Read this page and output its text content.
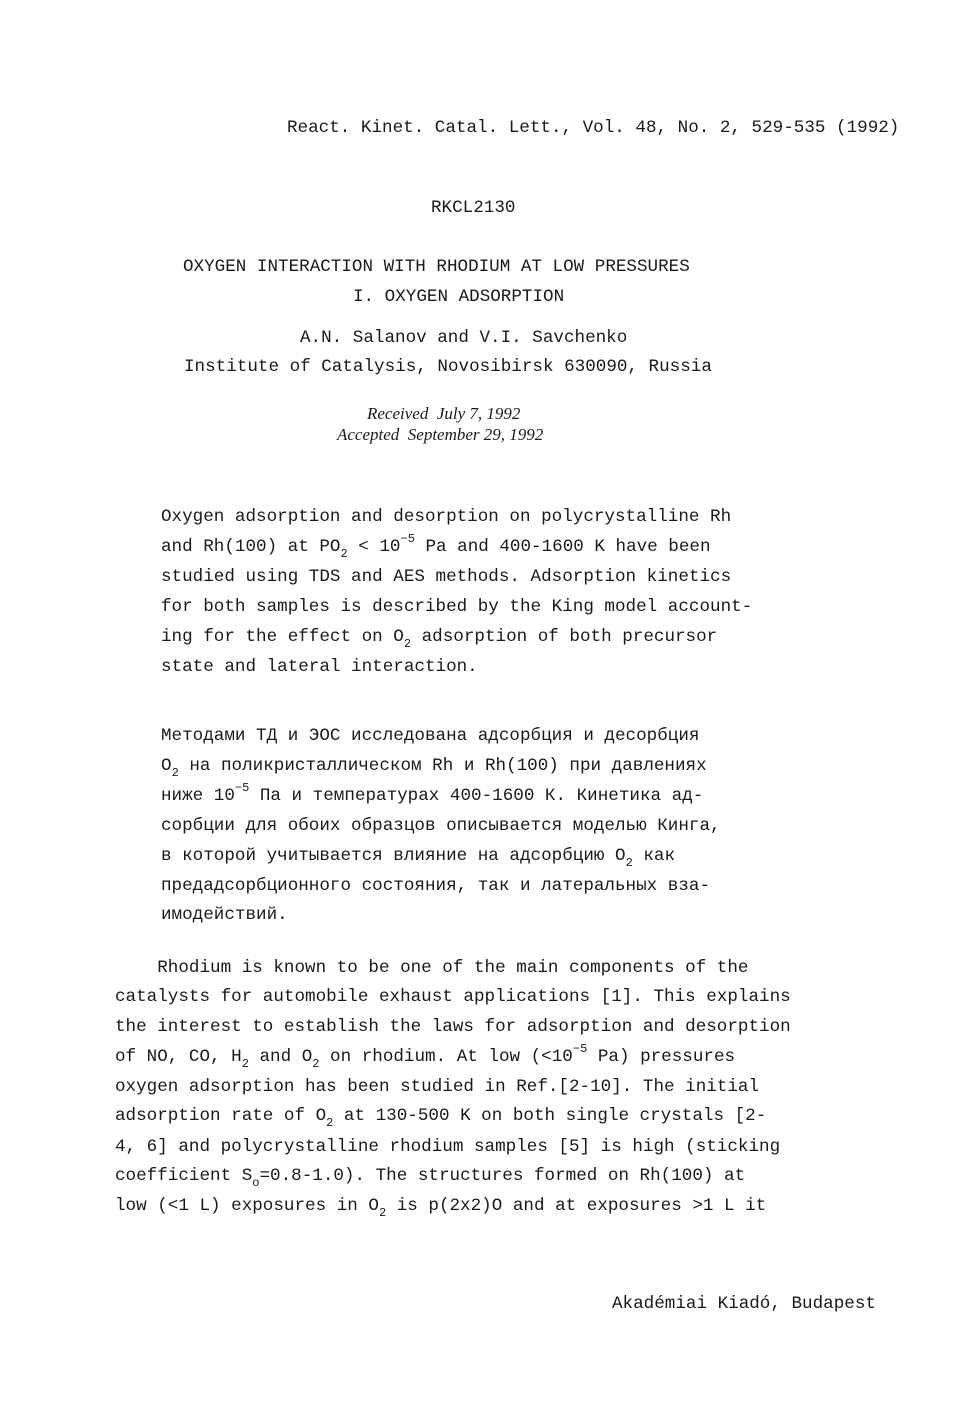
React. Kinet. Catal. Lett., Vol. 48, No. 2, 529-535 (1992)
RKCL2130
OXYGEN INTERACTION WITH RHODIUM AT LOW PRESSURES
I. OXYGEN ADSORPTION
A.N. Salanov and V.I. Savchenko
Institute of Catalysis, Novosibirsk 630090, Russia
Received  July 7, 1992
Accepted  September 29, 1992
Oxygen adsorption and desorption on polycrystalline Rh
and Rh(100) at $PO_2 < 10^{-5}$ Pa and 400-1600 K have been
studied using TDS and AES methods. Adsorption kinetics
for both samples is described by the King model account-
ing for the effect on $O_2$ adsorption of both precursor
state and lateral interaction.
Методами ТД и ЭОС исследована адсорбция и десорбция
$O_2$ на поликристаллическом Rh и Rh(100) при давлениях
ниже $10^{-5}$ Па и температурах 400-1600 К. Кинетика ад-
сорбции для обоих образцов описывается моделью Кинга,
в которой учитывается влияние на адсорбцию $O_2$ как
предадсорбционного состояния, так и латеральных вза-
имодействий.
Rhodium is known to be one of the main components of the
catalysts for automobile exhaust applications [1]. This explains
the interest to establish the laws for adsorption and desorption
of NO, CO, $H_2$ and $O_2$ on rhodium. At low ($<10^{-5}$ Pa) pressures
oxygen adsorption has been studied in Ref.[2-10]. The initial
adsorption rate of $O_2$ at 130-500 K on both single crystals [2-
4, 6] and polycrystalline rhodium samples [5] is high (sticking
coefficient $S_o=0.8-1.0$). The structures formed on Rh(100) at
low (<1 L) exposures in $O_2$ is p(2x2)O and at exposures >1 L it
Akadémiai Kiadó, Budapest
